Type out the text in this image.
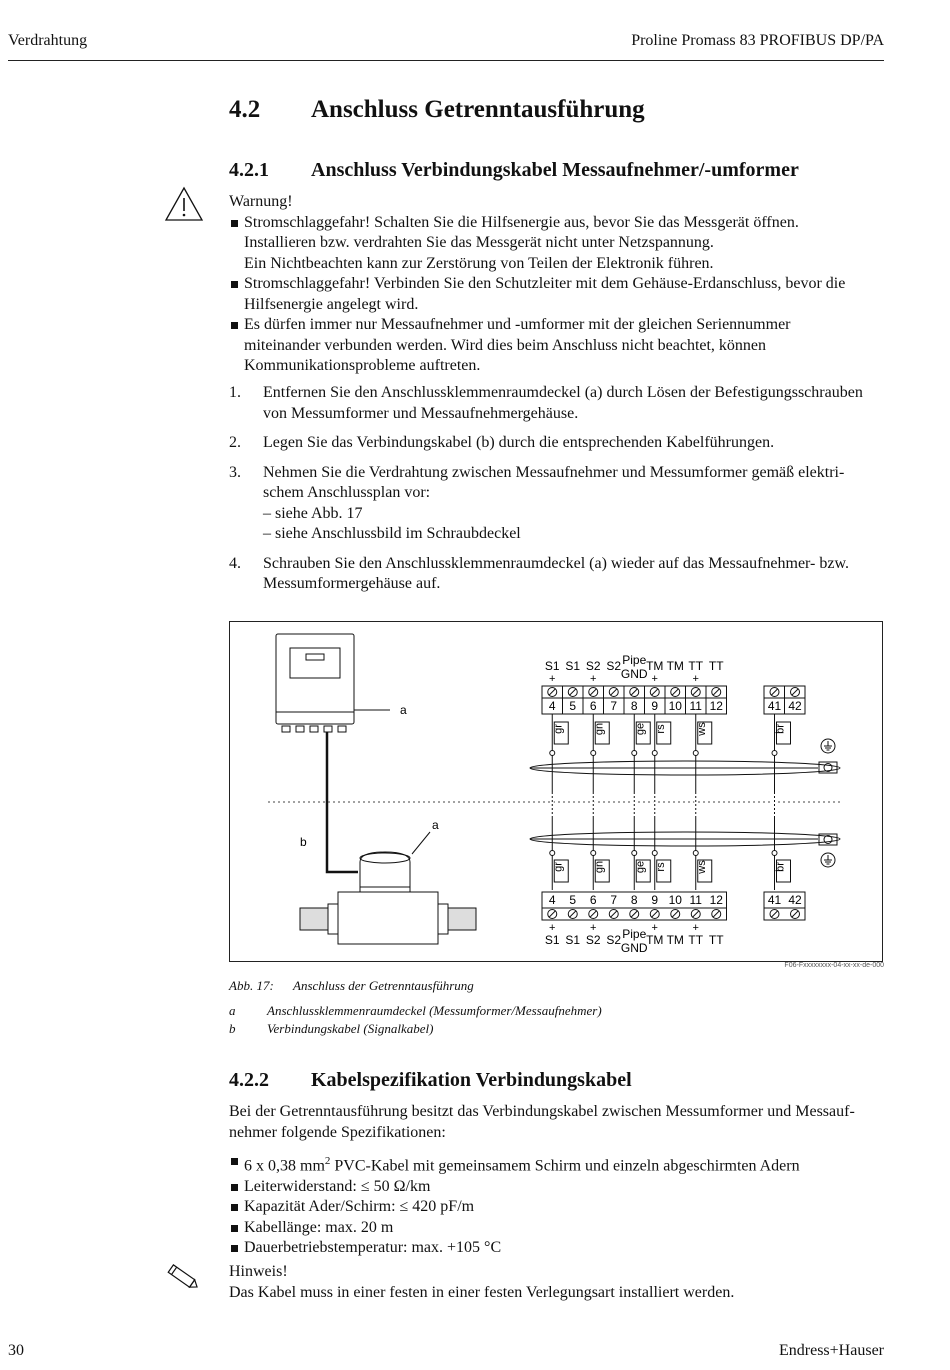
Verdrahtung	Proline Promass 83 PROFIBUS DP/PA
4.2 Anschluss Getrenntausführung
4.2.1 Anschluss Verbindungskabel Messaufnehmer/-umformer
Warnung!
Stromschlaggefahr! Schalten Sie die Hilfsenergie aus, bevor Sie das Messgerät öffnen.
Installieren bzw. verdrahten Sie das Messgerät nicht unter Netzspannung.
Ein Nichtbeachten kann zur Zerstörung von Teilen der Elektronik führen.
Stromschlaggefahr! Verbinden Sie den Schutzleiter mit dem Gehäuse-Erdanschluss, bevor die
Hilfsenergie angelegt wird.
Es dürfen immer nur Messaufnehmer und -umformer mit der gleichen Seriennummer
miteinander verbunden werden. Wird dies beim Anschluss nicht beachtet, können
Kommunikationsprobleme auftreten.
1. Entfernen Sie den Anschlussklemmenraumdeckel (a) durch Lösen der Befestigungsschrauben
von Messumformer und Messaufnehmergehäuse.
2. Legen Sie das Verbindungskabel (b) durch die entsprechenden Kabelführungen.
3. Nehmen Sie die Verdrahtung zwischen Messaufnehmer und Messumformer gemäß elektri-
schem Anschlussplan vor:
– siehe Abb. 17
– siehe Anschlussbild im Schraubdeckel
4. Schrauben Sie den Anschlussklemmenraumdeckel (a) wieder auf das Messaufnehmer- bzw.
Messumformergehäuse auf.
a
b
a
S1 S1 S2 S2 TM TM TT TT
Pipe
GND
+	+	+	+
4 5 6 7 8 9 10 11 12	41 42
4 5 6 7 8 9 10 11 12	41 42
S1 S1 S2 S2 TM TM TT TT
Pipe
GND
+	+	+	+
gr
gr
gn
gn
ge
ge
rs
rs
ws
ws
br
br
F06-Fxxxxxxxx-04-xx-xx-de-000
Abb. 17: Anschluss der Getrenntausführung
a Anschlussklemmenraumdeckel (Messumformer/Messaufnehmer)
b Verbindungskabel (Signalkabel)
4.2.2 Kabelspezifikation Verbindungskabel
Bei der Getrenntausführung besitzt das Verbindungskabel zwischen Messumformer und Messauf-
nehmer folgende Spezifikationen:
6 x 0,38 $mm^2$ PVC-Kabel mit gemeinsamem Schirm und einzeln abgeschirmten Adern
Leiterwiderstand: ≤ 50 Ω/km
Kapazität Ader/Schirm: ≤ 420 pF/m
Kabellänge: max. 20 m
Dauerbetriebstemperatur: max. +105 °C
Hinweis!
Das Kabel muss in einer festen in einer festen Verlegungsart installiert werden.
30	Endress+Hauser
